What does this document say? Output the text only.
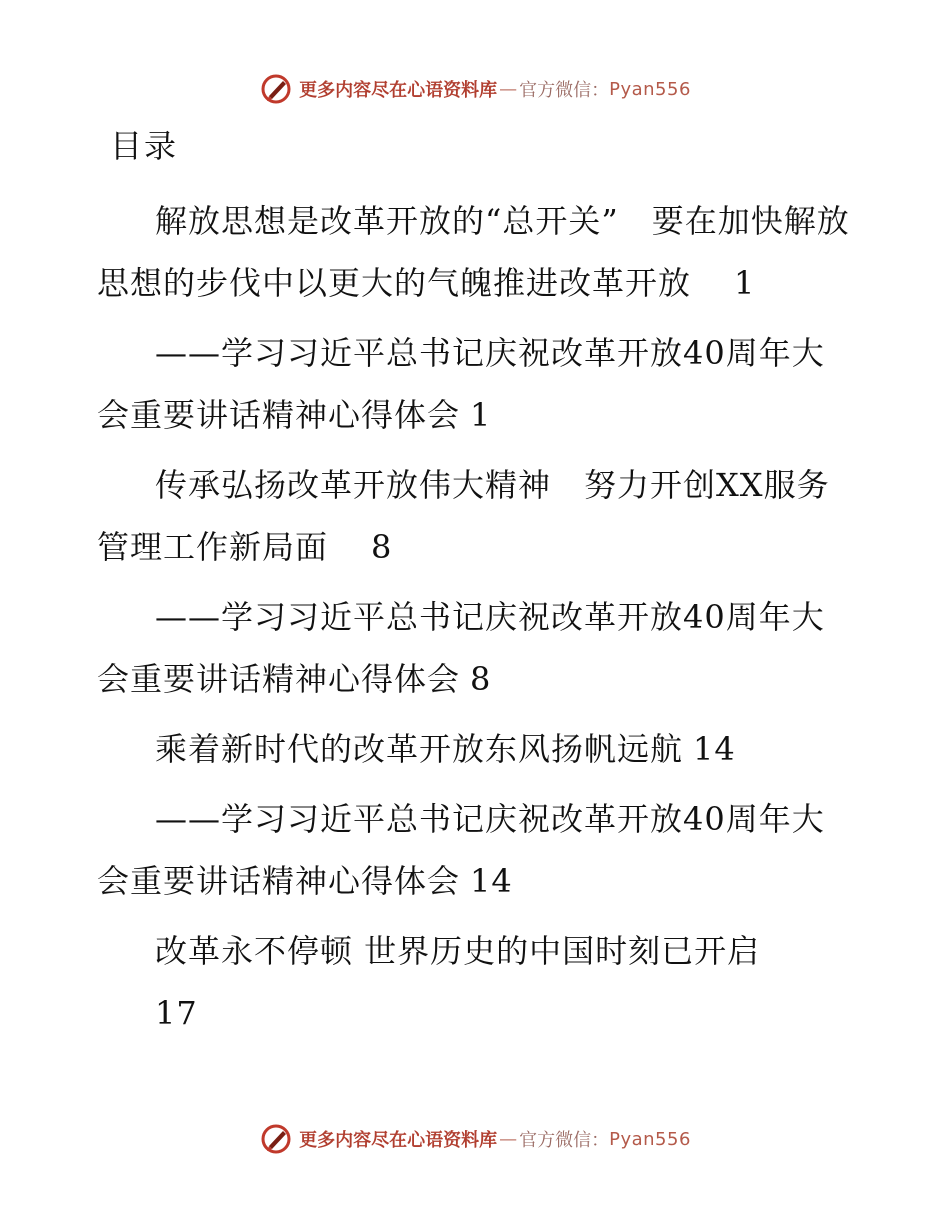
更多内容尽在心语资料库 — 官方微信： Pyan556
目录

解放思想是改革开放的“总开关”　要在加快解放思想的步伐中以更大的气魄推进改革开放　1

——学习习近平总书记庆祝改革开放40周年大会重要讲话精神心得体会 1

传承弘扬改革开放伟大精神　努力开创XX服务管理工作新局面　8

——学习习近平总书记庆祝改革开放40周年大会重要讲话精神心得体会 8

乘着新时代的改革开放东风扬帆远航 14

——学习习近平总书记庆祝改革开放40周年大会重要讲话精神心得体会 14

改革永不停顿 世界历史的中国时刻已开启
17

更多内容尽在心语资料库 — 官方微信： Pyan556
